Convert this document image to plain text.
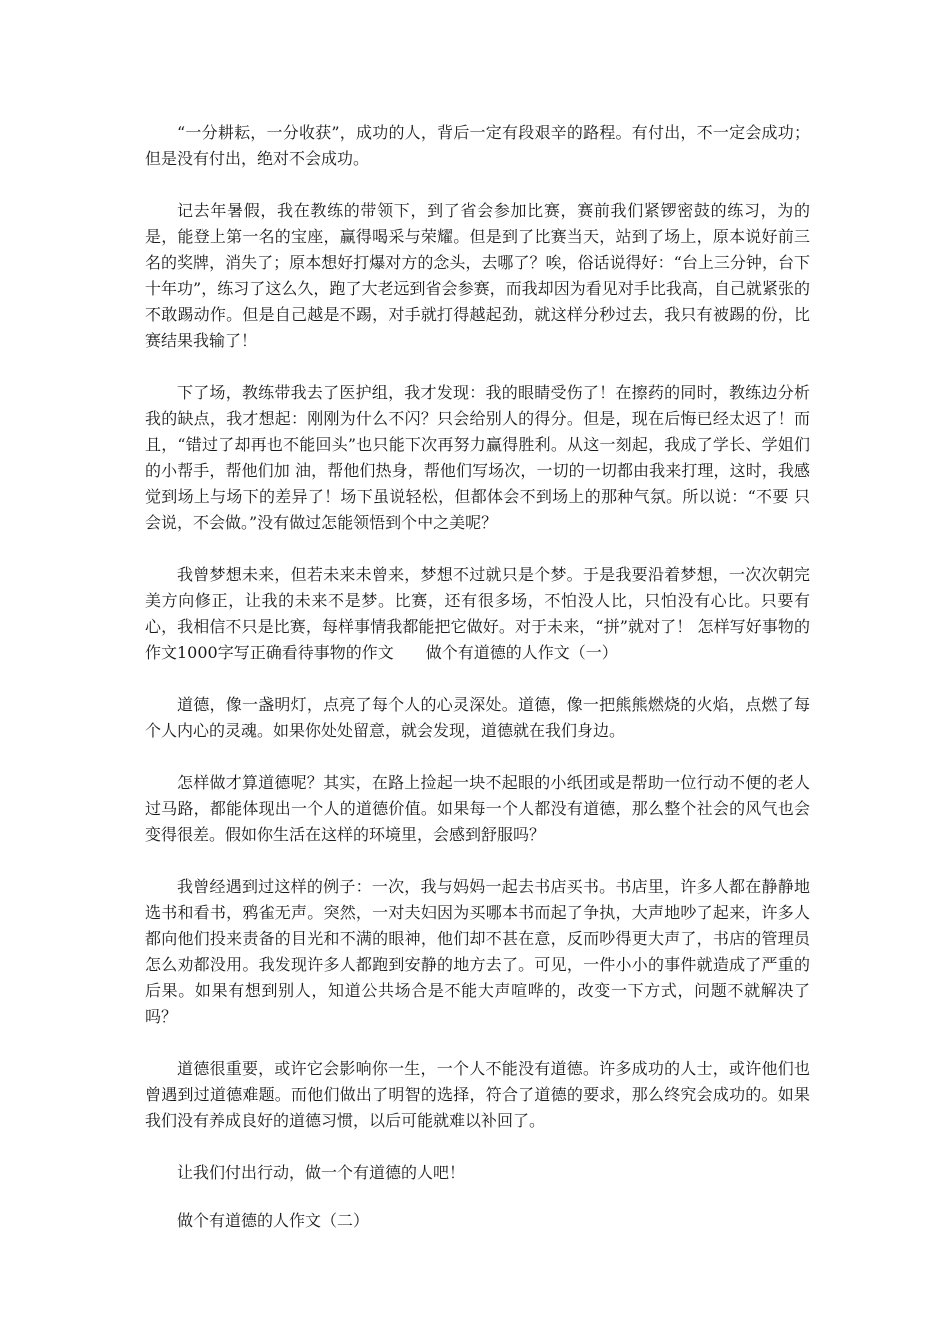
“一分耕耘，一分收获”，成功的人，背后一定有段艰辛的路程。有付出，不一定会成功；但是没有付出，绝对不会成功。

记去年暑假，我在教练的带领下，到了省会参加比赛，赛前我们紧锣密鼓的练习，为的是，能登上第一名的宝座，赢得喝采与荣耀。但是到了比赛当天，站到了场上，原本说好前三名的奖牌，消失了；原本想好打爆对方的念头，去哪了？唉，俗话说得好：“台上三分钟，台下十年功”，练习了这么久，跑了大老远到省会参赛，而我却因为看见对手比我高，自己就紧张的不敢踢动作。但是自己越是不踢，对手就打得越起劲，就这样分秒过去，我只有被踢的份，比赛结果我输了！

下了场，教练带我去了医护组，我才发现：我的眼睛受伤了！在擦药的同时，教练边分析我的缺点，我才想起：刚刚为什么不闪？只会给别人的得分。但是，现在后悔已经太迟了！而且，“错过了却再也不能回头”也只能下次再努力赢得胜利。从这一刻起，我成了学长、学姐们的小帮手，帮他们加 油，帮他们热身，帮他们写场次，一切的一切都由我来打理，这时，我感觉到场上与场下的差异了！场下虽说轻松，但都体会不到场上的那种气氛。所以说：“不要 只会说，不会做。”没有做过怎能领悟到个中之美呢？

我曾梦想未来，但若未来未曾来，梦想不过就只是个梦。于是我要沿着梦想，一次次朝完美方向修正，让我的未来不是梦。比赛，还有很多场，不怕没人比，只怕没有心比。只要有心，我相信不只是比赛，每样事情我都能把它做好。对于未来，“拼”就对了！ 怎样写好事物的作文1000字写正确看待事物的作文　　做个有道德的人作文（一）

道德，像一盏明灯，点亮了每个人的心灵深处。道德，像一把熊熊燃烧的火焰，点燃了每个人内心的灵魂。如果你处处留意，就会发现，道德就在我们身边。

怎样做才算道德呢？其实，在路上捡起一块不起眼的小纸团或是帮助一位行动不便的老人过马路，都能体现出一个人的道德价值。如果每一个人都没有道德，那么整个社会的风气也会变得很差。假如你生活在这样的环境里，会感到舒服吗？

我曾经遇到过这样的例子：一次，我与妈妈一起去书店买书。书店里，许多人都在静静地选书和看书，鸦雀无声。突然，一对夫妇因为买哪本书而起了争执，大声地吵了起来，许多人都向他们投来责备的目光和不满的眼神，他们却不甚在意，反而吵得更大声了，书店的管理员怎么劝都没用。我发现许多人都跑到安静的地方去了。可见，一件小小的事件就造成了严重的后果。如果有想到别人，知道公共场合是不能大声喧哗的，改变一下方式，问题不就解决了吗？

道德很重要，或许它会影响你一生，一个人不能没有道德。许多成功的人士，或许他们也曾遇到过道德难题。而他们做出了明智的选择，符合了道德的要求，那么终究会成功的。如果我们没有养成良好的道德习惯，以后可能就难以补回了。

让我们付出行动，做一个有道德的人吧！

做个有道德的人作文（二）
